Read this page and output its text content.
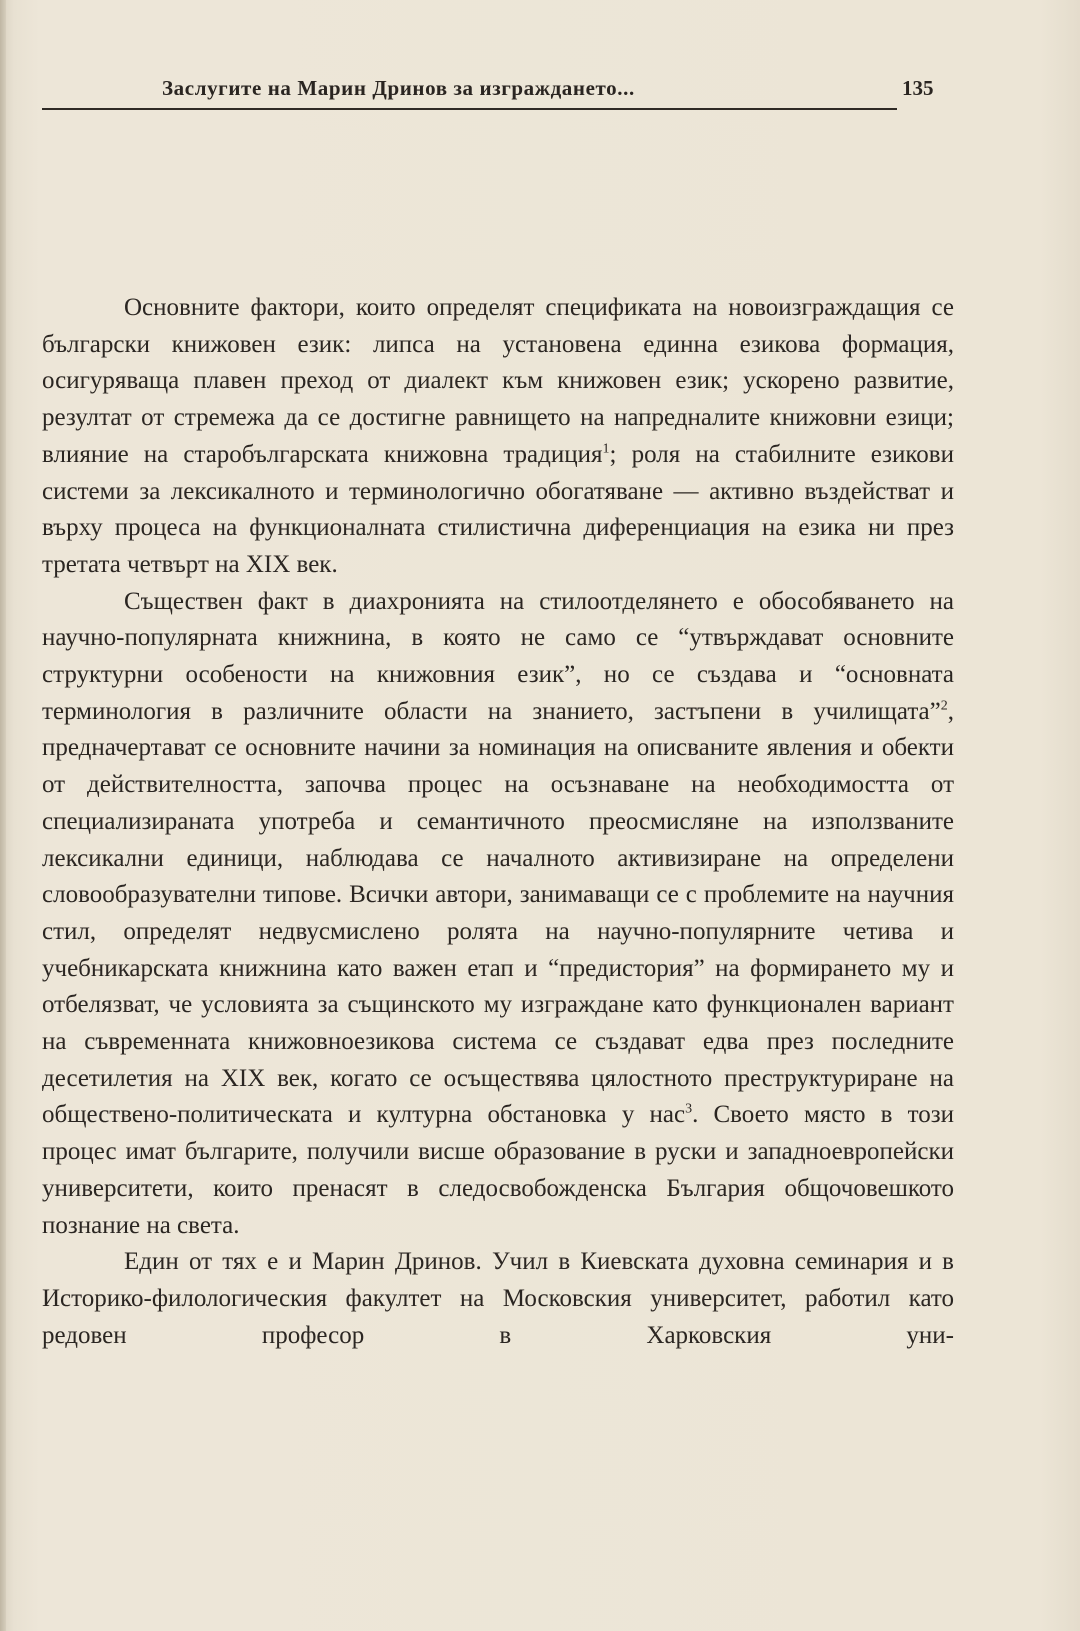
Заслугите на Марин Дринов за изграждането...	135

Основните фактори, които определят спецификата на новоизграждащия се български книжовен език: липса на установена единна езикова формация, осигуряваща плавен преход от диалект към книжовен език; ускорено развитие, резултат от стремежа да се достигне равнището на напредналите книжовни езици; влияние на старобългарската книжовна традиция$^1$; роля на стабилните езикови системи за лексикалното и терминологично обогатяване — активно въздействат и върху процеса на функционалната стилистична диференциация на езика ни през третата четвърт на XIX век.

Съществен факт в диахронията на стилоотделянето е обособяването на научно-популярната книжнина, в която не само се “утвърждават основните структурни особености на книжовния език”, но се създава и “основната терминология в различните области на знанието, застъпени в училищата”$^2$, предначертават се основните начини за номинация на описваните явления и обекти от действителността, започва процес на осъзнаване на необходимостта от специализираната употреба и семантичното преосмисляне на използваните лексикални единици, наблюдава се началното активизиране на определени словообразувателни типове. Всички автори, занимаващи се с проблемите на научния стил, определят недвусмислено ролята на научно-популярните четива и учебникарската книжнина като важен етап и “предистория” на формирането му и отбелязват, че условията за същинското му изграждане като функционален вариант на съвременната книжовноезикова система се създават едва през последните десетилетия на XIX век, когато се осъществява цялостното преструктуриране на обществено-политическата и културна обстановка у нас$^3$. Своето място в този процес имат българите, получили висше образование в руски и западноевропейски университети, които пренасят в следосвобожденска България общочовешкото познание на света.

Един от тях е и Марин Дринов. Учил в Киевската духовна семинария и в Историко-филологическия факултет на Московския университет, работил като редовен професор в Харковския уни-
